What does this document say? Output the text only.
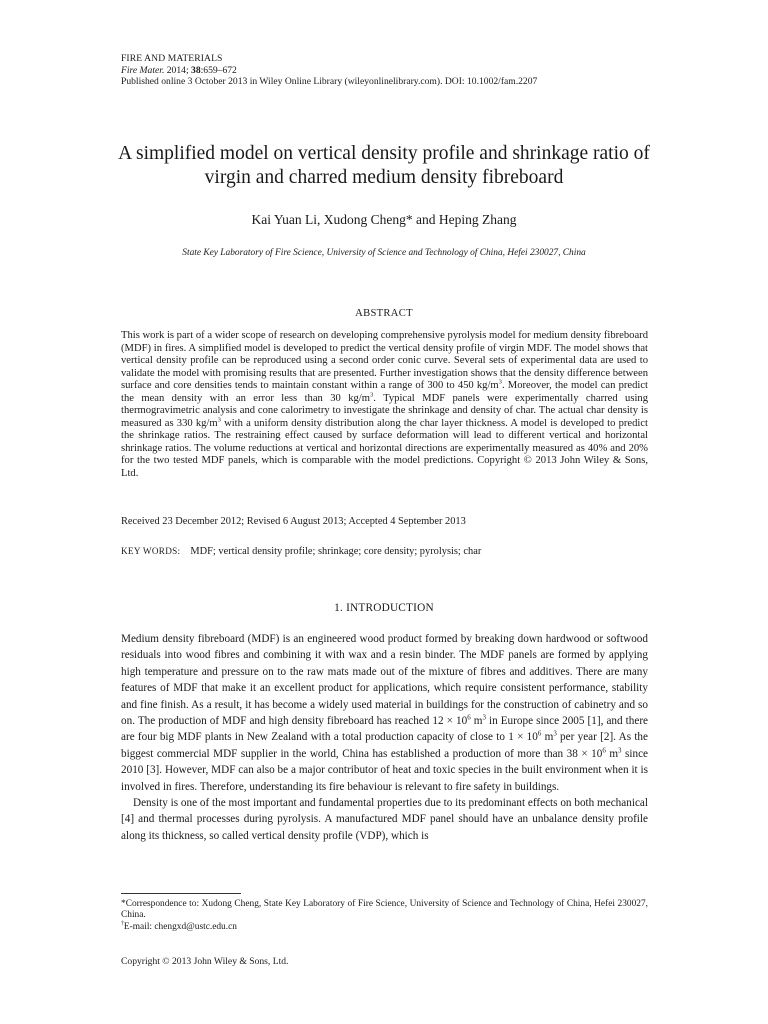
FIRE AND MATERIALS
Fire Mater. 2014; 38:659–672
Published online 3 October 2013 in Wiley Online Library (wileyonlinelibrary.com). DOI: 10.1002/fam.2207
A simplified model on vertical density profile and shrinkage ratio of
virgin and charred medium density fibreboard
Kai Yuan Li, Xudong Cheng* and Heping Zhang
State Key Laboratory of Fire Science, University of Science and Technology of China, Hefei 230027, China
ABSTRACT
This work is part of a wider scope of research on developing comprehensive pyrolysis model for medium density fibreboard (MDF) in fires. A simplified model is developed to predict the vertical density profile of virgin MDF. The model shows that vertical density profile can be reproduced using a second order conic curve. Several sets of experimental data are used to validate the model with promising results that are presented. Further investigation shows that the density difference between surface and core densities tends to maintain constant within a range of 300 to 450 $kg/m^3$. Moreover, the model can predict the mean density with an error less than 30 $kg/m^3$. Typical MDF panels were experimentally charred using thermogravimetric analysis and cone calorimetry to investigate the shrinkage and density of char. The actual char density is measured as 330 $kg/m^3$ with a uniform density distribution along the char layer thickness. A model is developed to predict the shrinkage ratios. The restraining effect caused by surface deformation will lead to different vertical and horizontal shrinkage ratios. The volume reductions at vertical and horizontal directions are experimentally measured as 40% and 20% for the two tested MDF panels, which is comparable with the model predictions. Copyright © 2013 John Wiley & Sons, Ltd.
Received 23 December 2012; Revised 6 August 2013; Accepted 4 September 2013
KEY WORDS: MDF; vertical density profile; shrinkage; core density; pyrolysis; char
1. INTRODUCTION

Medium density fibreboard (MDF) is an engineered wood product formed by breaking down hardwood or softwood residuals into wood fibres and combining it with wax and a resin binder. The MDF panels are formed by applying high temperature and pressure on to the raw mats made out of the mixture of fibres and additives. There are many features of MDF that make it an excellent product for applications, which require consistent performance, stability and fine finish. As a result, it has become a widely used material in buildings for the construction of cabinetry and so on. The production of MDF and high density fibreboard has reached $12 \times 10^6$ $m^3$ in Europe since 2005 [1], and there are four big MDF plants in New Zealand with a total production capacity of close to $1 \times 10^6$ $m^3$ per year [2]. As the biggest commercial MDF supplier in the world, China has established a production of more than $38 \times 10^6$ $m^3$ since 2010 [3]. However, MDF can also be a major contributor of heat and toxic species in the built environment when it is involved in fires. Therefore, understanding its fire behaviour is relevant to fire safety in buildings.

Density is one of the most important and fundamental properties due to its predominant effects on both mechanical [4] and thermal processes during pyrolysis. A manufactured MDF panel should have an unbalance density profile along its thickness, so called vertical density profile (VDP), which is

*Correspondence to: Xudong Cheng, State Key Laboratory of Fire Science, University of Science and Technology of China, Hefei 230027, China.

†E-mail: chengxd@ustc.edu.cn

Copyright © 2013 John Wiley & Sons, Ltd.
